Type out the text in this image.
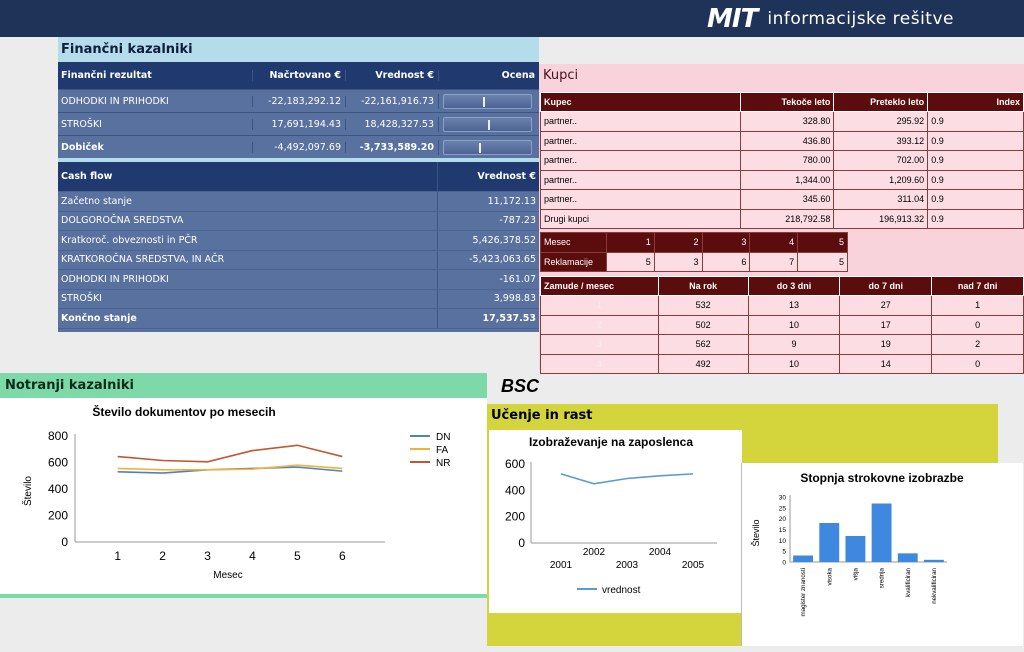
MIT informacijske rešitve
Finančni kazalniki
Finančni rezultat	Načrtovano €	Vrednost €	Ocena
ODHODKI IN PRIHODKI	-22,183,292.12	-22,161,916.73
STROŠKI	17,691,194.43	18,428,327.53
Dobiček	-4,492,097.69	-3,733,589.20
Cash flow	Vrednost €
Začetno stanje	11,172.13
DOLGOROČNA SREDSTVA	-787.23
Kratkoroč. obveznosti in PČR	5,426,378.52
KRATKOROČNA SREDSTVA, IN AČR	-5,423,063.65
ODHODKI IN PRIHODKI	-161.07
STROŠKI	3,998.83
Končno stanje	17,537.53
Kupci
Kupec	Tekoče leto	Preteklo leto	Index
partner..	328.80	295.92	0.9
partner..	436.80	393.12	0.9
partner..	780.00	702.00	0.9
partner..	1,344.00	1,209.60	0.9
partner..	345.60	311.04	0.9
Drugi kupci	218,792.58	196,913.32	0.9
Mesec	1	2	3	4	5
Reklamacije	5	3	6	7	5
Zamude / mesec	Na rok	do 3 dni	do 7 dni	nad 7 dni
1	532	13	27	1
2	502	10	17	0
3	562	9	19	2
4	492	10	14	0
Notranji kazalniki
Število dokumentov po mesecih
0
200
400
600
800
1	2	3	4	5	6
Mesec
Število
DN
FA
NR
BSC
Učenje in rast
Izobraževanje na zaposlenca
0
200
400
600
2001
2002
2003
2004
2005
vrednost
Stopnja strokovne izobrazbe
0
5
10
15
20
25
30
Število
magister znanosti	visoka	višja	srednja	kvalificiran	nekvalificiran
